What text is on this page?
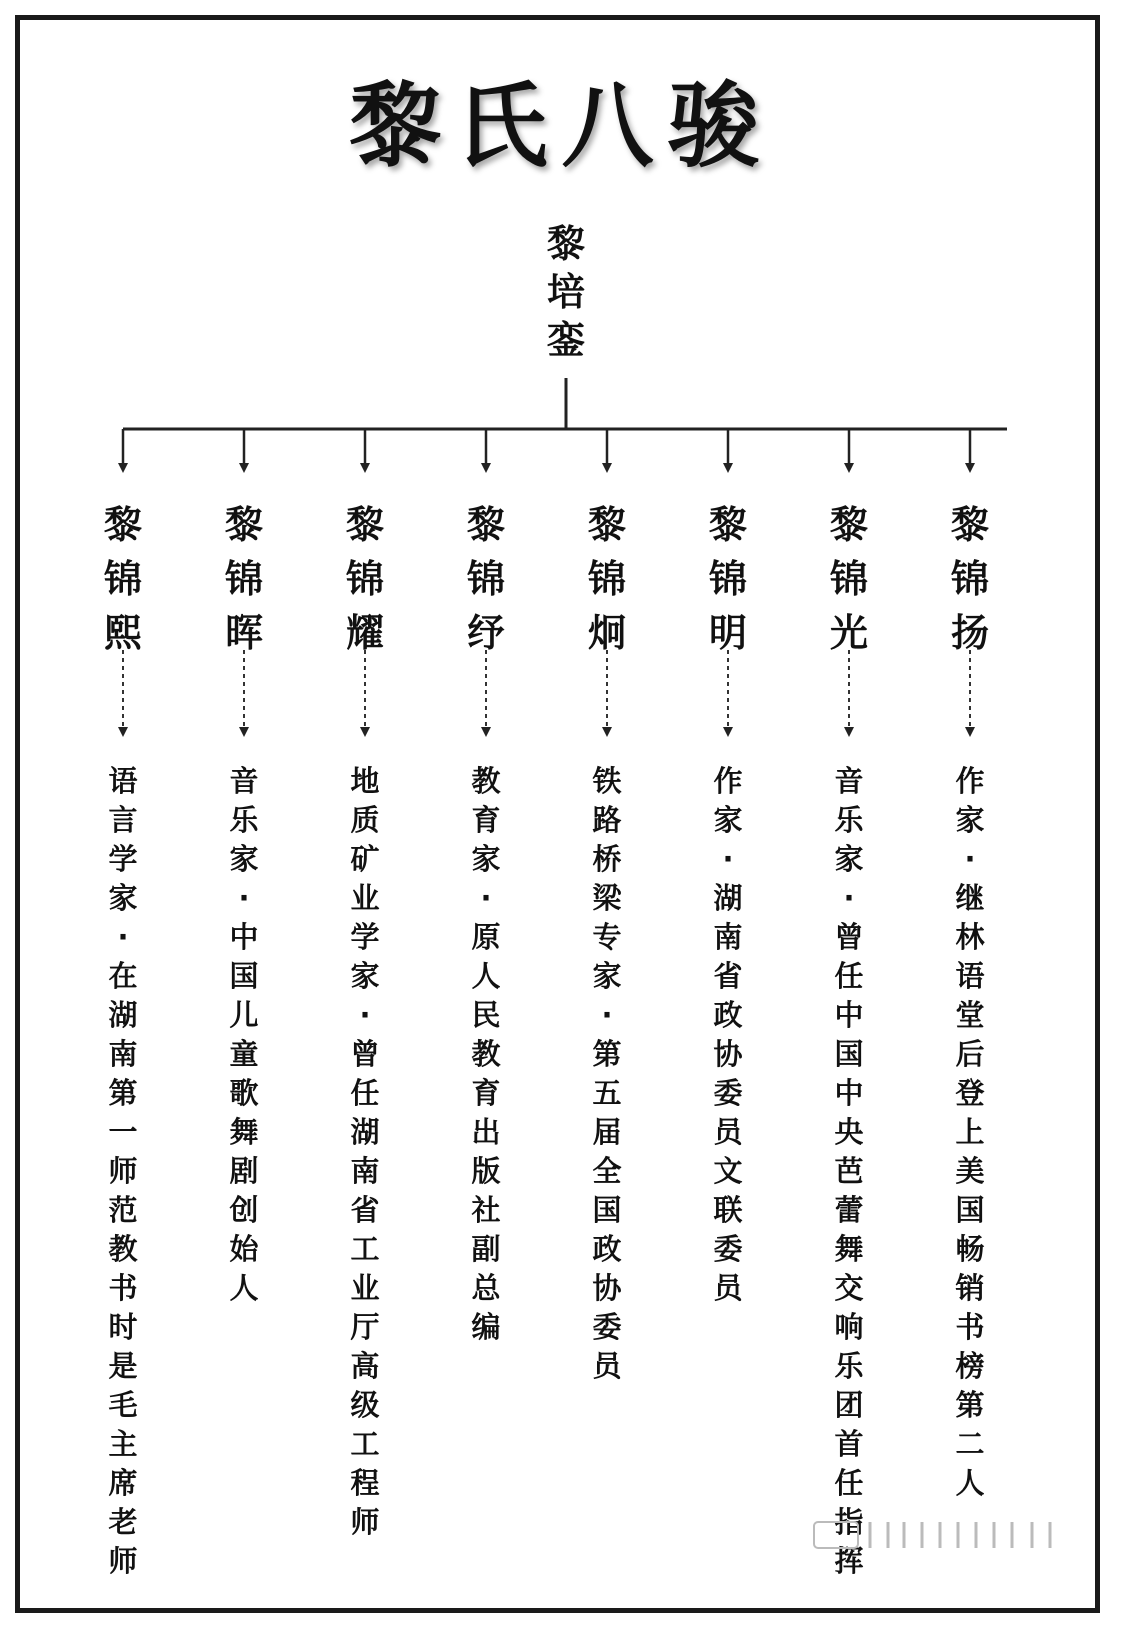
黎氏八骏
黎培銮
黎锦熙
黎锦晖
黎锦耀
黎锦纾
黎锦炯
黎锦明
黎锦光
黎锦扬
语言学家·在湖南第一师范教书时是毛主席老师
音乐家·中国儿童歌舞剧创始人
地质矿业学家· 曾任湖南省工业厅高级工程师
教育家·原人民教育出版社副总编
铁路桥梁专家·第五届全国政协委员
作家·湖南省政协委员文联委员
音乐家·曾任中国中央芭蕾舞交响乐团首任指挥
作家·继林语堂后登上美国畅销书榜第二人
